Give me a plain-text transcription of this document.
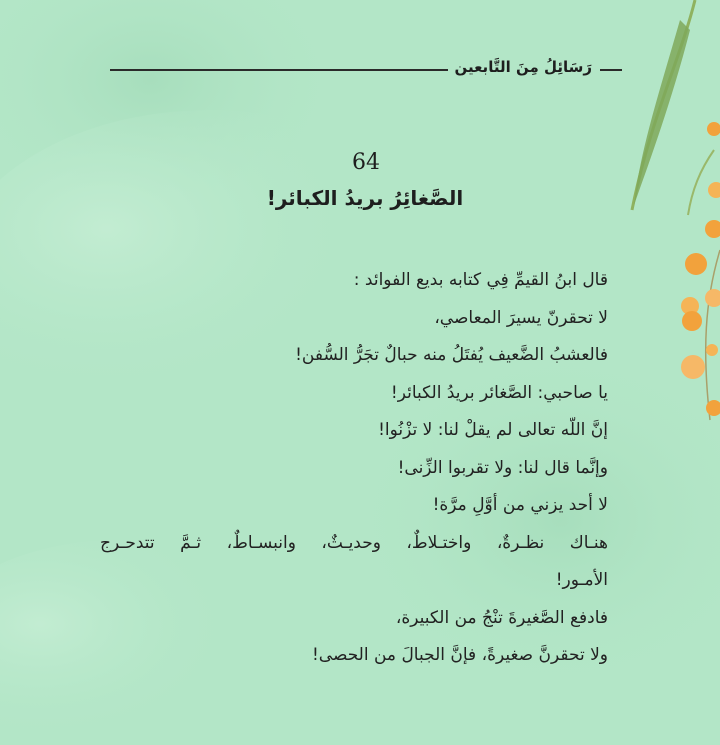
رَسَائِلُ مِنَ التَّابعين
64
الصَّغائِرُ بريدُ الكبائر!
قال ابنُ القيمِّ فِي كتابه بديع الفوائد :
لا تحقرنّ يسيرَ المعاصي،
فالعشبُ الضَّعيف يُفتَلُ منه حبالٌ تجَرُّ السُّفن!
يا صاحبي: الصَّغائر بريدُ الكبائر!
إنَّ اللّه تعالى لم يقلْ لنا: لا تزْنُوا!
وإنَّما قال لنا: ولا تقربوا الزِّنى!
لا أحد يزني من أوَّلِ مرَّة!
هنـاك نظـرةٌ، واختـلاطٌ، وحديـثٌ، وانبسـاطٌ، ثـمَّ تتدحـرج
الأمـور!
فادفع الصَّغيرةَ تنْجُ من الكبيرة،
ولا تحقرنَّ صغيرةً، فإنَّ الجبالَ من الحصى!
